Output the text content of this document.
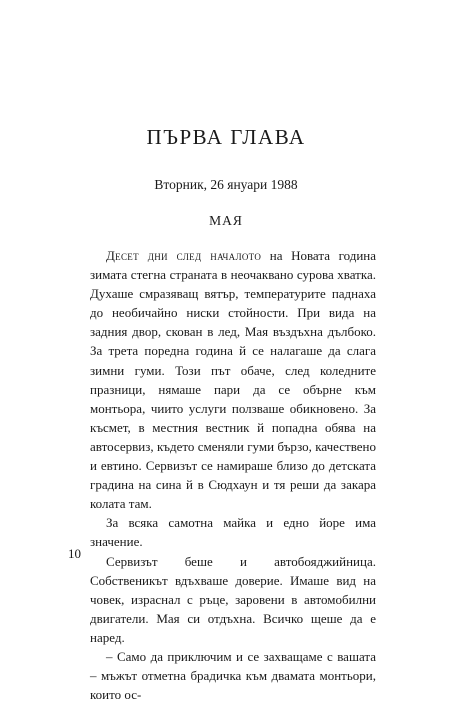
ПЪРВА ГЛАВА

Вторник, 26 януари 1988

МАЯ

Десет дни след началото на Новата година зимата стегна страната в неочаквано сурова хватка. Духаше смразяващ вятър, температурите паднаха до необичайно ниски стойности. При вида на задния двор, скован в лед, Мая въздъхна дълбоко. За трета поредна година й се налагаше да слага зимни гуми. Този път обаче, след коледните празници, нямаше пари да се обърне към монтьора, чиито услуги ползваше обикновено. За късмет, в местния вестник й попадна обява на автосервиз, където сменяли гуми бързо, качествено и евтино. Сервизът се намираше близо до детската градина на сина й в Сюдхаун и тя реши да закара колата там.

За всяка самотна майка и едно йоре има значение.

Сервизът беше и автобояджийница. Собственикът вдъхваше доверие. Имаше вид на човек, израснал с ръце, заровени в автомобилни двигатели. Мая си отдъхна. Всичко щеше да е наред.

– Само да приключим и се захващаме с вашата – мъжът отметна брадичка към двамата монтьори, които ос-

10
